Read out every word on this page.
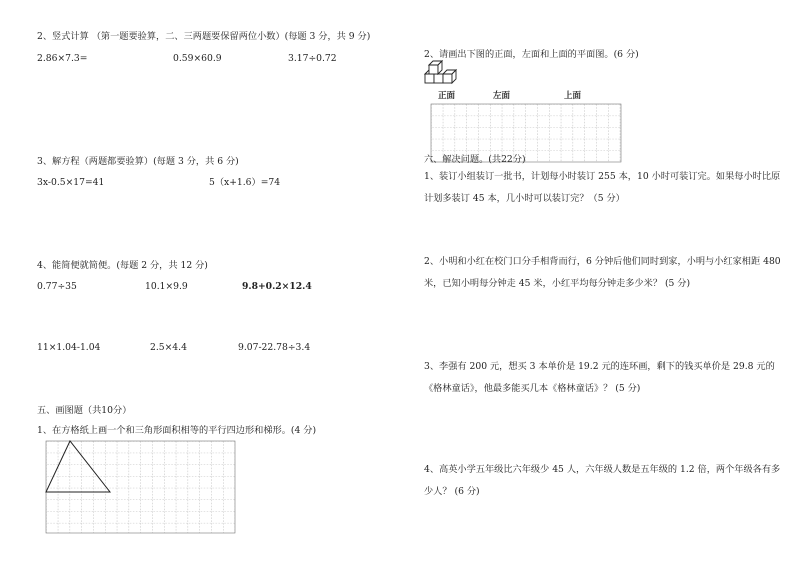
2、竖式计算 （第一题要验算，二、三两题要保留两位小数）(每题 3 分，共 9 分)
2.86×7.3=	0.59×60.9	3.17÷0.72
3、解方程（两题都要验算）(每题 3 分，共 6 分)
3x-0.5×17=41	5（x+1.6）=74
4、能简便就简便。(每题 2 分，共 12 分)
0.77÷35	10.1×9.9	9.8+0.2×12.4
11×1.04-1.04	2.5×4.4	9.07-22.78÷3.4
五、画图题（共10分）
1、在方格纸上画一个和三角形面积相等的平行四边形和梯形。(4 分)
正面	左面	上面
2、请画出下图的正面，左面和上面的平面图。(6 分)
六、解决问题。(共22分)
1、装订小组装订一批书，计划每小时装订 255 本，10 小时可装订完。如果每小时比原计划多装订 45 本，几小时可以装订完？（5 分）
2、小明和小红在校门口分手相背而行，6 分钟后他们同时到家，小明与小红家相距 480 米，已知小明每分钟走 45 米，小红平均每分钟走多少米？ (5 分)
3、李强有 200 元，想买 3 本单价是 19.2 元的连环画，剩下的钱买单价是 29.8 元的《格林童话》，他最多能买几本《格林童话》？ (5 分)
4、高英小学五年级比六年级少 45 人，六年级人数是五年级的 1.2 倍，两个年级各有多少人？ (6 分)
